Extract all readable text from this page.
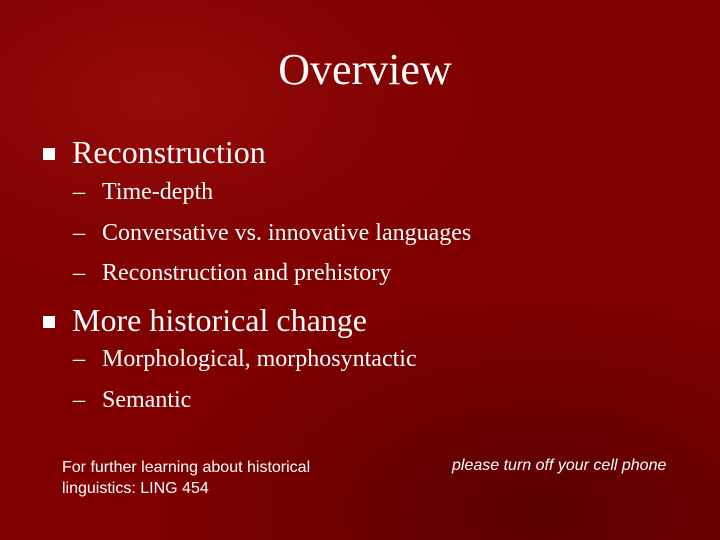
Overview
Reconstruction
– Time-depth
– Conversative vs. innovative languages
– Reconstruction and prehistory
More historical change
– Morphological, morphosyntactic
– Semantic
For further learning about historical linguistics: LING 454
please turn off your cell phone
